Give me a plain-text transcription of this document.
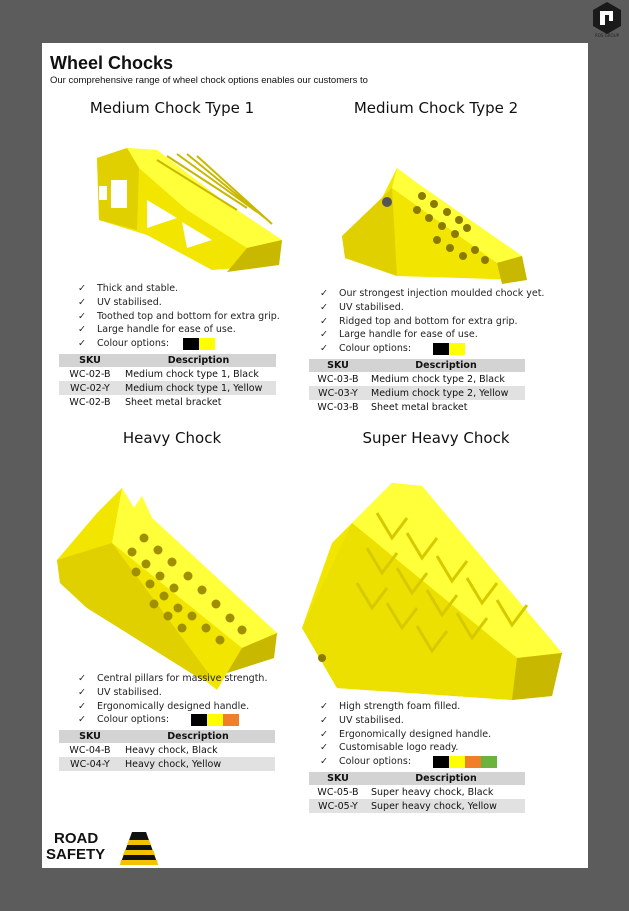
ROS GROUP
Wheel Chocks
Our comprehensive range of wheel chock options enables our customers to
Medium Chock Type 1
✓ Thick and stable.
✓ UV stabilised.
✓ Toothed top and bottom for extra grip.
✓ Large handle for ease of use.
✓	Colour options:
SKU	Description
WC-02-B	Medium chock type 1, Black
WC-02-Y	Medium chock type 1, Yellow
WC-02-B	Sheet metal bracket
Medium Chock Type 2
✓ Our strongest injection moulded chock yet.
✓ UV stabilised.
✓ Ridged top and bottom for extra grip.
✓ Large handle for ease of use.
✓	Colour options:
SKU	Description
WC-03-B	Medium chock type 2, Black
WC-03-Y	Medium chock type 2, Yellow
WC-03-B	Sheet metal bracket
Heavy Chock
✓ Central pillars for massive strength.
✓ UV stabilised.
✓ Ergonomically designed handle.
✓	Colour options:
SKU	Description
WC-04-B	Heavy chock, Black
WC-04-Y	Heavy chock, Yellow
Super Heavy Chock
✓ High strength foam filled.
✓ UV stabilised.
✓ Ergonomically designed handle.
✓ Customisable logo ready.
✓	Colour options:
SKU	Description
WC-05-B	Super heavy chock, Black
WC-05-Y	Super heavy chock, Yellow
ROAD
SAFETY
